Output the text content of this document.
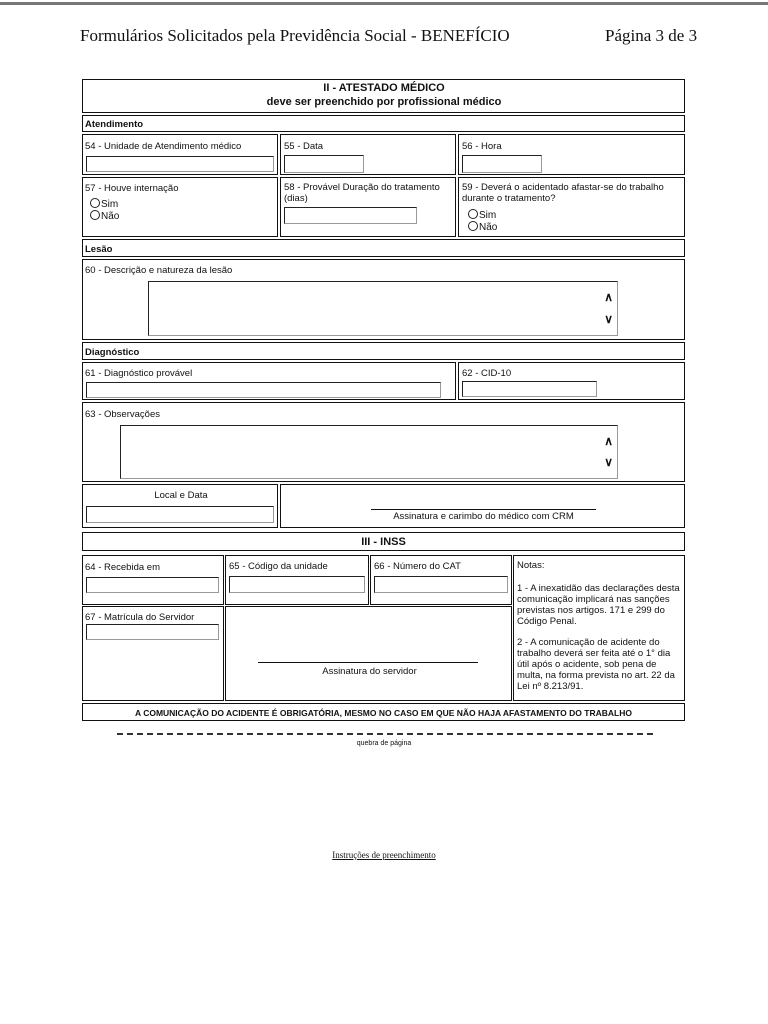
Formulários Solicitados pela Previdência Social - BENEFÍCIO	Página 3 de 3
II - ATESTADO MÉDICO
deve ser preenchido por profissional médico
Atendimento
54 - Unidade de Atendimento médico	55 - Data	56 - Hora
57 - Houve internação
Sim
Não
58 - Provável Duração do tratamento (dias)
59 - Deverá o acidentado afastar-se do trabalho durante o tratamento?
Sim
Não
Lesão
60 - Descrição e natureza da lesão
∧
∨
Diagnóstico
61 - Diagnóstico provável	62 - CID-10
63 - Observações
∧
∨
Local e Data
Assinatura e carimbo do médico com CRM
III - INSS
64 - Recebida em	65 - Código da unidade	66 - Número do CAT	Notas:

1 - A inexatidão das declarações desta comunicação implicará nas sanções previstas nos artigos. 171 e 299 do Código Penal.

2 - A comunicação de acidente do trabalho deverá ser feita até o 1° dia útil após o acidente, sob pena de multa, na forma prevista no art. 22 da Lei nº 8.213/91.

67 - Matrícula do Servidor
Assinatura do servidor
A COMUNICAÇÃO DO ACIDENTE É OBRIGATÓRIA, MESMO NO CASO EM QUE NÃO HAJA AFASTAMENTO DO TRABALHO
quebra de página
Instruções de preenchimento
